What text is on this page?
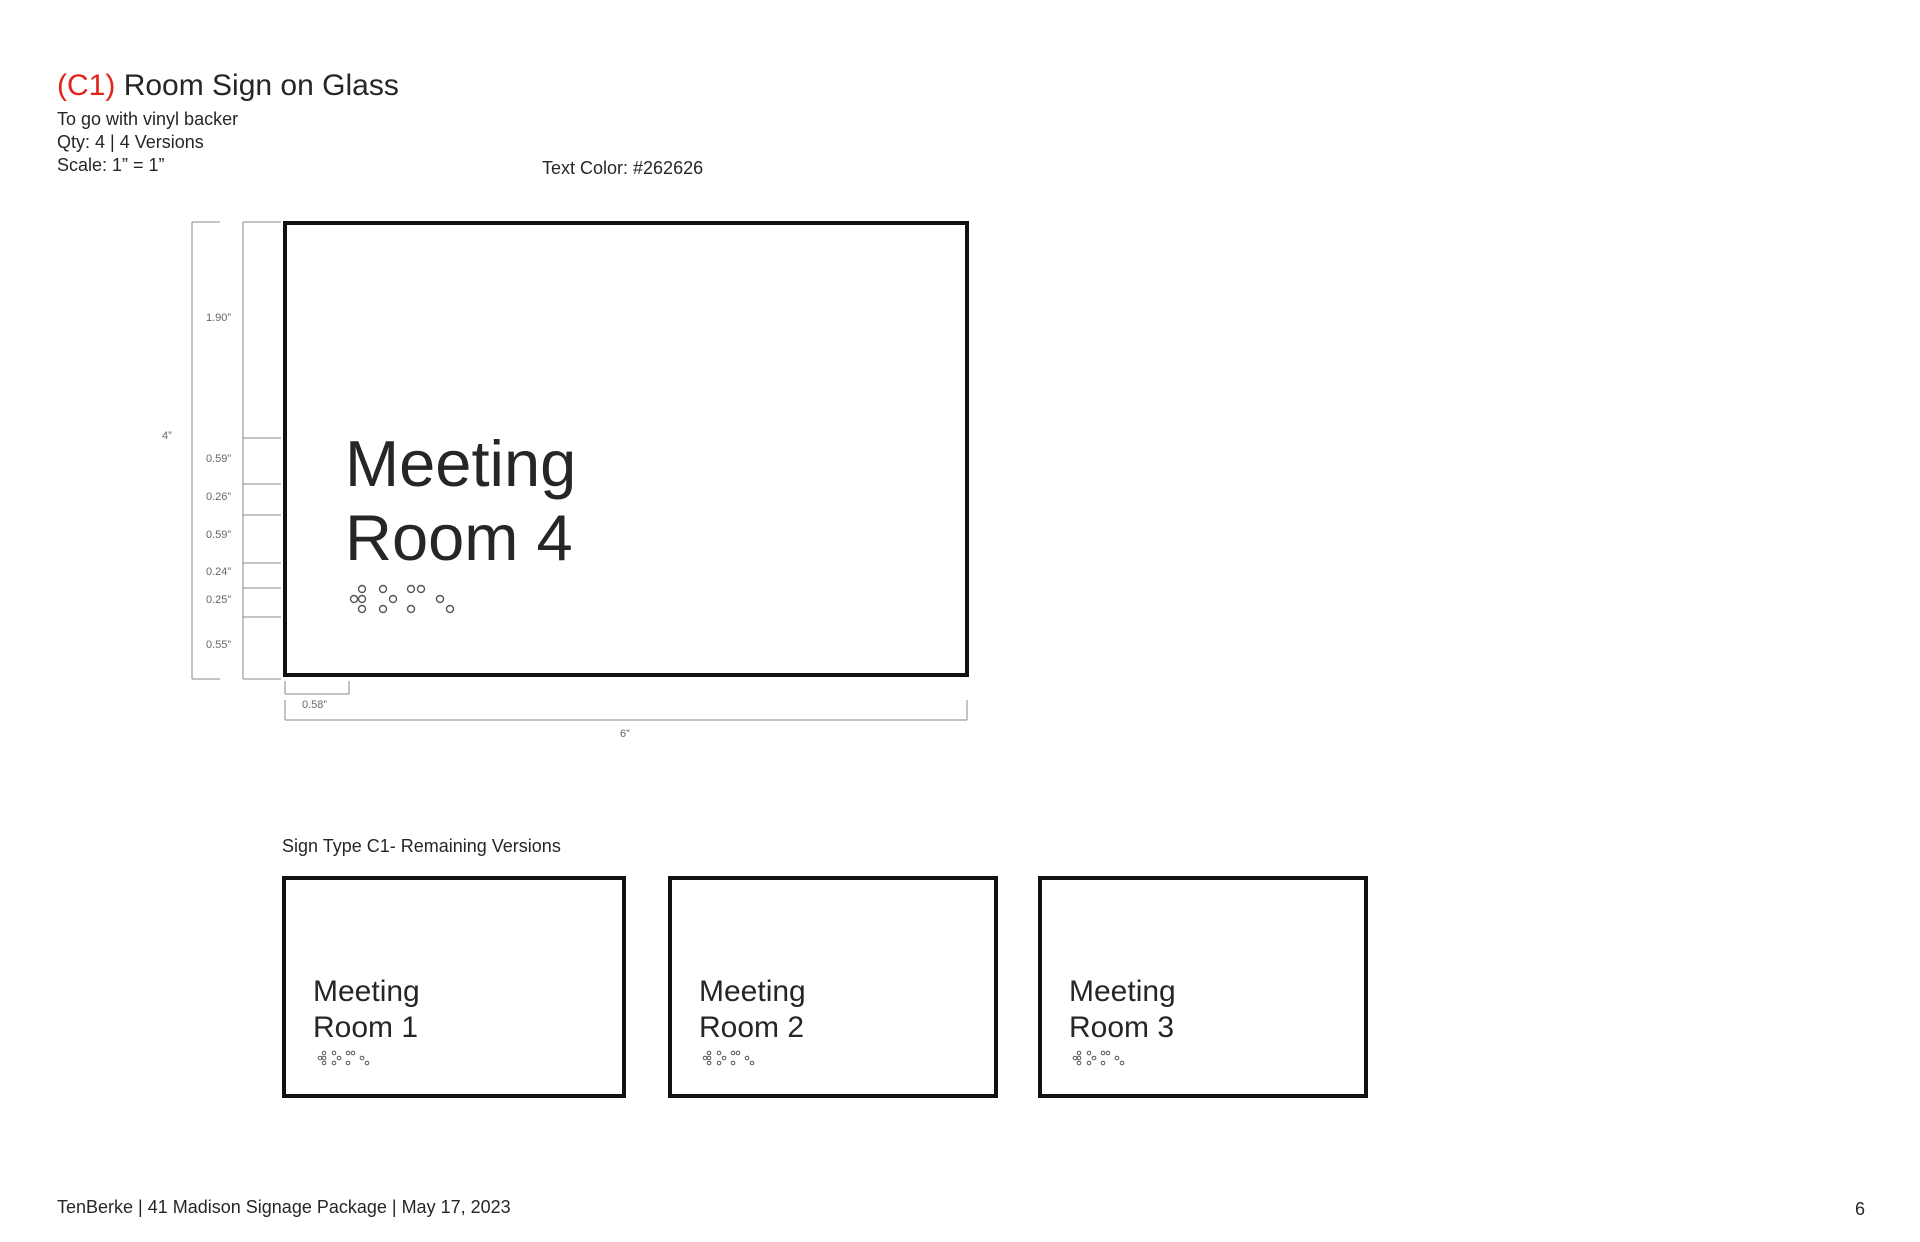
(C1) Room Sign on Glass
To go with vinyl backer
Qty: 4 | 4 Versions
Scale: 1” = 1”	Text Color: #262626
4”
1.90”
0.59”
0.26”
0.59”
0.24”
0.25”
0.55”
0.58”
6”
Meeting
Room 4
Sign Type C1- Remaining Versions
Meeting
Room 1
Meeting
Room 2
Meeting
Room 3
TenBerke | 41 Madison Signage Package | May 17, 2023	6
